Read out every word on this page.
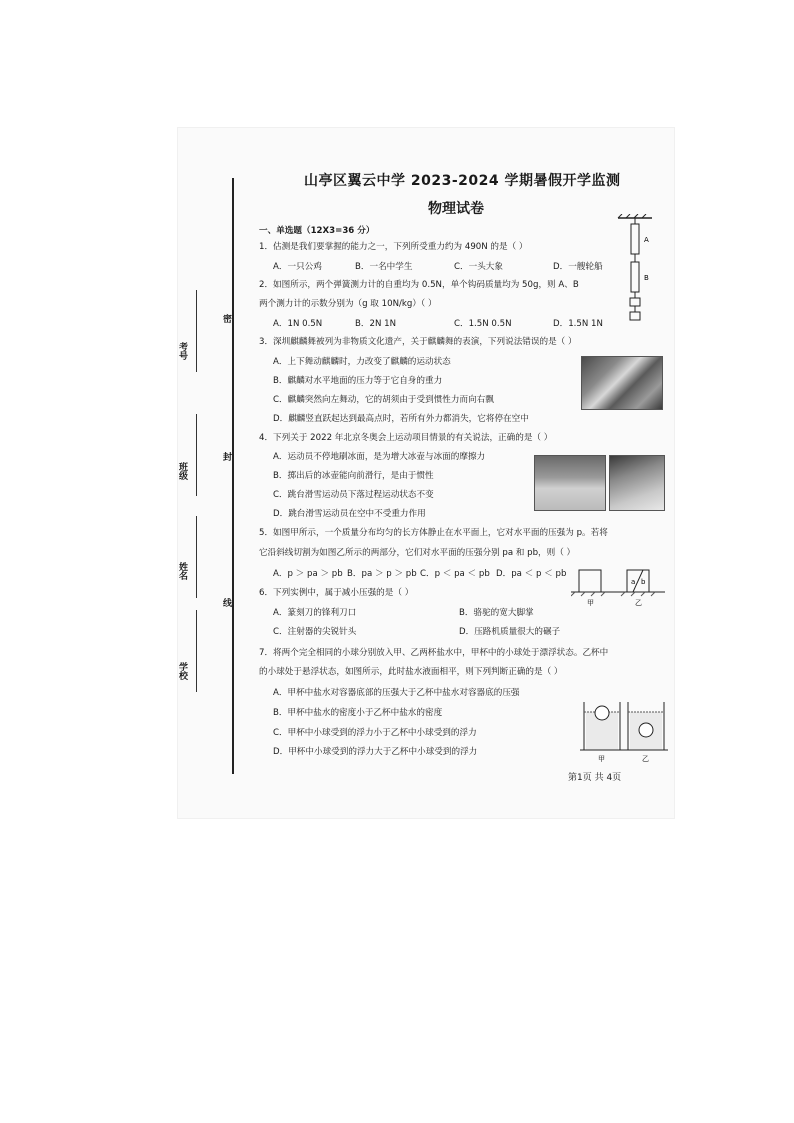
山亭区翼云中学 2023-2024 学期暑假开学监测
物理试卷
考号
班级
姓名
学校
密
封
线
一、单选题（12X3=36 分）
1．估测是我们要掌握的能力之一，下列所受重力约为 490N 的是（ ）
A．一只公鸡	B．一名中学生	C．一头大象	D．一艘轮船
2．如图所示，两个弹簧测力计的自重均为 0.5N，单个钩码质量均为 50g，则 A、B
两个测力计的示数分别为（g 取 10N/kg）（ ）
A．1N 0.5N	B．2N 1N	C．1.5N 0.5N	D．1.5N 1N
A
B
3．深圳麒麟舞被列为非物质文化遗产，关于麒麟舞的表演，下列说法错误的是（ ）
A．上下舞动麒麟时，力改变了麒麟的运动状态
B．麒麟对水平地面的压力等于它自身的重力
C．麒麟突然向左舞动，它的胡须由于受到惯性力而向右飘
D．麒麟竖直跃起达到最高点时，若所有外力都消失，它将停在空中
4．下列关于 2022 年北京冬奥会上运动项目情景的有关说法，正确的是（ ）
A．运动员不停地刷冰面，是为增大冰壶与冰面的摩擦力
B．掷出后的冰壶能向前滑行，是由于惯性
C．跳台滑雪运动员下落过程运动状态不变
D．跳台滑雪运动员在空中不受重力作用
5．如图甲所示，一个质量分布均匀的长方体静止在水平面上，它对水平面的压强为 p。若将
它沿斜线切割为如图乙所示的两部分，它们对水平面的压强分别 pa 和 pb，则（ ）
A．p ＞ pa ＞ pb B．pa ＞ p ＞ pb C．p ＜ pa ＜ pb D．pa ＜ p ＜ pb
a b
甲	乙
6．下列实例中，属于减小压强的是（ ）
A．篆刻刀的锋利刀口	B．骆驼的宽大脚掌
C．注射器的尖锐针头	D．压路机质量很大的碾子
7．将两个完全相同的小球分别放入甲、乙两杯盐水中，甲杯中的小球处于漂浮状态。乙杯中
的小球处于悬浮状态，如图所示，此时盐水液面相平，则下列判断正确的是（ ）
A．甲杯中盐水对容器底部的压强大于乙杯中盐水对容器底的压强
B．甲杯中盐水的密度小于乙杯中盐水的密度
C．甲杯中小球受到的浮力小于乙杯中小球受到的浮力
D．甲杯中小球受到的浮力大于乙杯中小球受到的浮力
甲	乙
第1页 共 4页
